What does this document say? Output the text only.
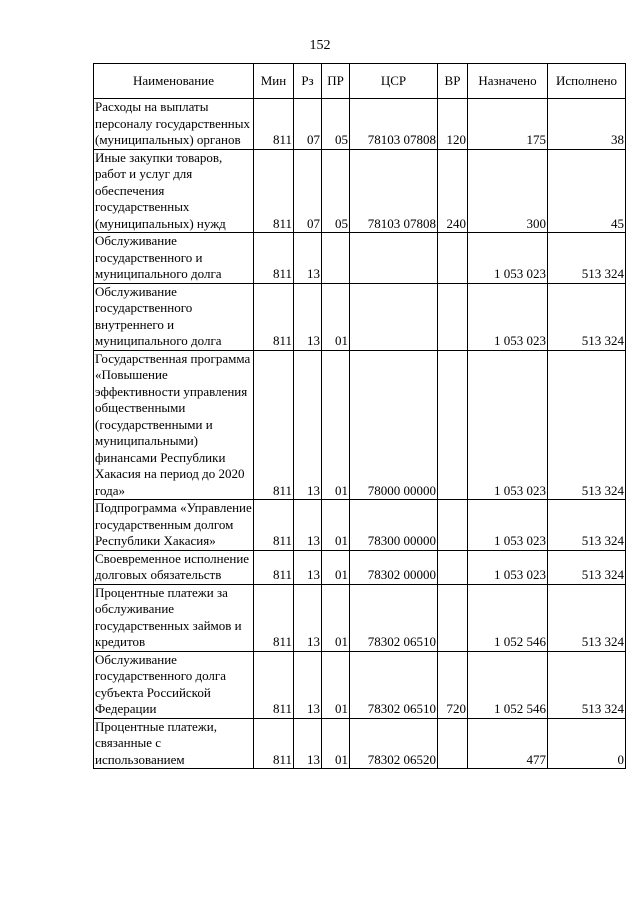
152
Наименование	Мин	Рз	ПР	ЦСР	ВР	Назначено	Исполнено
Расходы на выплаты персоналу государственных (муниципальных) органов	811	07	05	78103 07808	120	175	38
Иные закупки товаров, работ и услуг для обеспечения государственных (муниципальных) нужд	811	07	05	78103 07808	240	300	45
Обслуживание государственного и муниципального долга	811	13				1 053 023	513 324
Обслуживание государственного внутреннего и муниципального долга	811	13	01			1 053 023	513 324
Государственная программа «Повышение эффективности управления общественными (государственными и муниципальными) финансами Республики Хакасия на период до 2020 года»	811	13	01	78000 00000		1 053 023	513 324
Подпрограмма «Управление государственным долгом Республики Хакасия»	811	13	01	78300 00000		1 053 023	513 324
Своевременное исполнение долговых обязательств	811	13	01	78302 00000		1 053 023	513 324
Процентные платежи за обслуживание государственных займов и кредитов	811	13	01	78302 06510		1 052 546	513 324
Обслуживание государственного долга субъекта Российской Федерации	811	13	01	78302 06510	720	1 052 546	513 324
Процентные платежи, связанные с использованием	811	13	01	78302 06520		477	0
